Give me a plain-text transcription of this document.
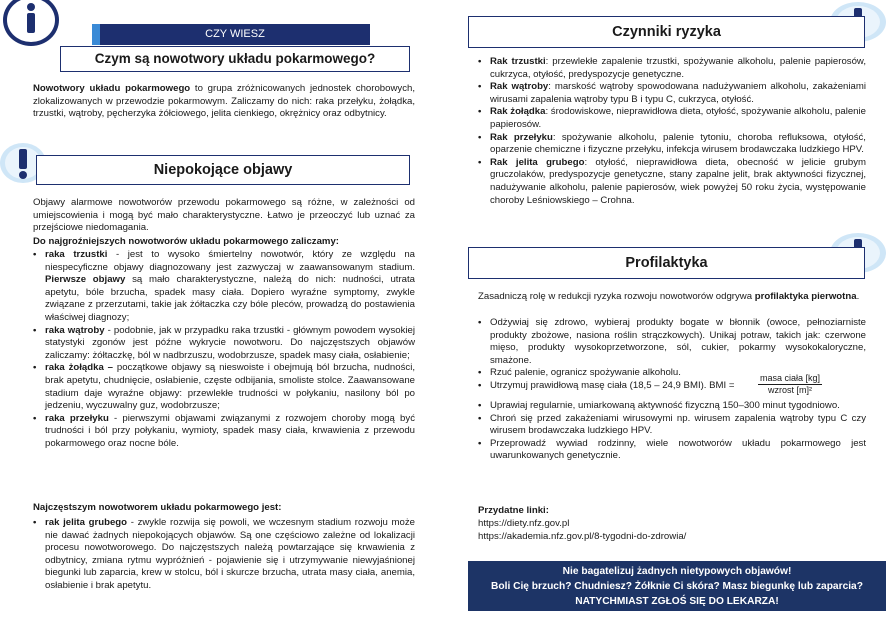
CZY WIESZ
Czym są nowotwory układu pokarmowego?
Nowotwory układu pokarmowego to grupa zróżnicowanych jednostek chorobowych, zlokalizowanych w przewodzie pokarmowym. Zaliczamy do nich: raka przełyku, żołądka, trzustki, wątroby, pęcherzyka żółciowego, jelita cienkiego, okrężnicy oraz odbytnicy.
Niepokojące objawy
Objawy alarmowe nowotworów przewodu pokarmowego są różne, w zależności od umiejscowienia i mogą być mało charakterystyczne. Łatwo je przeoczyć lub uznać za przejściowe niedomagania.
Do najgroźniejszych nowotworów układu pokarmowego zaliczamy:
• raka trzustki - jest to wysoko śmiertelny nowotwór, który ze względu na niespecyficzne objawy diagnozowany jest zazwyczaj w zaawansowanym stadium. Pierwsze objawy są mało charakterystyczne, należą do nich: nudności, utrata apetytu, bóle brzucha, spadek masy ciała. Dopiero wyraźne symptomy, zwykle związane z przerzutami, takie jak żółtaczka czy bóle pleców, prowadzą do postawienia właściwej diagnozy;
• raka wątroby - podobnie, jak w przypadku raka trzustki - głównym powodem wysokiej statystyki zgonów jest późne wykrycie nowotworu. Do najczęstszych objawów zaliczamy: żółtaczkę, ból w nadbrzuszu, wodobrzusze, spadek masy ciała, osłabienie;
• raka żołądka – początkowe objawy są nieswoiste i obejmują ból brzucha, nudności, brak apetytu, chudnięcie, osłabienie, częste odbijania, smoliste stolce. Zaawansowane stadium daje wyraźne objawy: przewlekłe trudności w połykaniu, nasilony ból po jedzeniu, wyczuwalny guz, wodobrzusze;
• raka przełyku - pierwszymi objawami związanymi z rozwojem choroby mogą być trudności i ból przy połykaniu, wymioty, spadek masy ciała, krwawienia z przewodu pokarmowego oraz nocne bóle.
Najczęstszym nowotworem układu pokarmowego jest:
• rak jelita grubego - zwykle rozwija się powoli, we wczesnym stadium rozwoju może nie dawać żadnych niepokojących objawów. Są one częściowo zależne od lokalizacji procesu nowotworowego. Do najczęstszych należą powtarzające się krwawienia z odbytnicy, zmiana rytmu wypróżnień - pojawienie się i utrzymywanie niewyjaśnionej biegunki lub zaparcia, krew w stolcu, ból i skurcze brzucha, utrata masy ciała, anemia, osłabienie i brak apetytu.
Czynniki ryzyka
• Rak trzustki: przewlekłe zapalenie trzustki, spożywanie alkoholu, palenie papierosów, cukrzyca, otyłość, predyspozycje genetyczne.
• Rak wątroby: marskość wątroby spowodowana nadużywaniem alkoholu, zakażeniami wirusami zapalenia wątroby typu B i typu C, cukrzyca, otyłość.
• Rak żołądka: środowiskowe, nieprawidłowa dieta, otyłość, spożywanie alkoholu, palenie papierosów.
• Rak przełyku: spożywanie alkoholu, palenie tytoniu, choroba refluksowa, otyłość, oparzenie chemiczne i fizyczne przełyku, infekcja wirusem brodawczaka ludzkiego HPV.
• Rak jelita grubego: otyłość, nieprawidłowa dieta, obecność w jelicie grubym gruczolaków, predyspozycje genetyczne, stany zapalne jelit, brak aktywności fizycznej, nadużywanie alkoholu, palenie papierosów, wiek powyżej 50 roku życia, występowanie choroby Leśniowskiego – Crohna.
Profilaktyka
Zasadniczą rolę w redukcji ryzyka rozwoju nowotworów odgrywa profilaktyka pierwotna.
• Odżywiaj się zdrowo, wybieraj produkty bogate w błonnik (owoce, pełnoziarniste produkty zbożowe, nasiona roślin strączkowych). Unikaj potraw, takich jak: czerwone mięso, produkty wysokoprzetworzone, sól, cukier, pokarmy wysokokaloryczne, smażone.
• Rzuć palenie, ogranicz spożywanie alkoholu.
• Utrzymuj prawidłową masę ciała (18,5 – 24,9 BMI). BMI =
masa ciała [kg]
wzrost [m]²
• Uprawiaj regularnie, umiarkowaną aktywność fizyczną 150–300 minut tygodniowo.
• Chroń się przed zakażeniami wirusowymi np. wirusem zapalenia wątroby typu C czy wirusem brodawczaka ludzkiego HPV.
• Przeprowadź wywiad rodzinny, wiele nowotworów układu pokarmowego jest uwarunkowanych genetycznie.
Przydatne linki:
https://diety.nfz.gov.pl
https://akademia.nfz.gov.pl/8-tygodni-do-zdrowia/
Nie bagatelizuj żadnych nietypowych objawów!
Boli Cię brzuch? Chudniesz? Żółknie Ci skóra? Masz biegunkę lub zaparcia?
NATYCHMIAST ZGŁOŚ SIĘ DO LEKARZA!
